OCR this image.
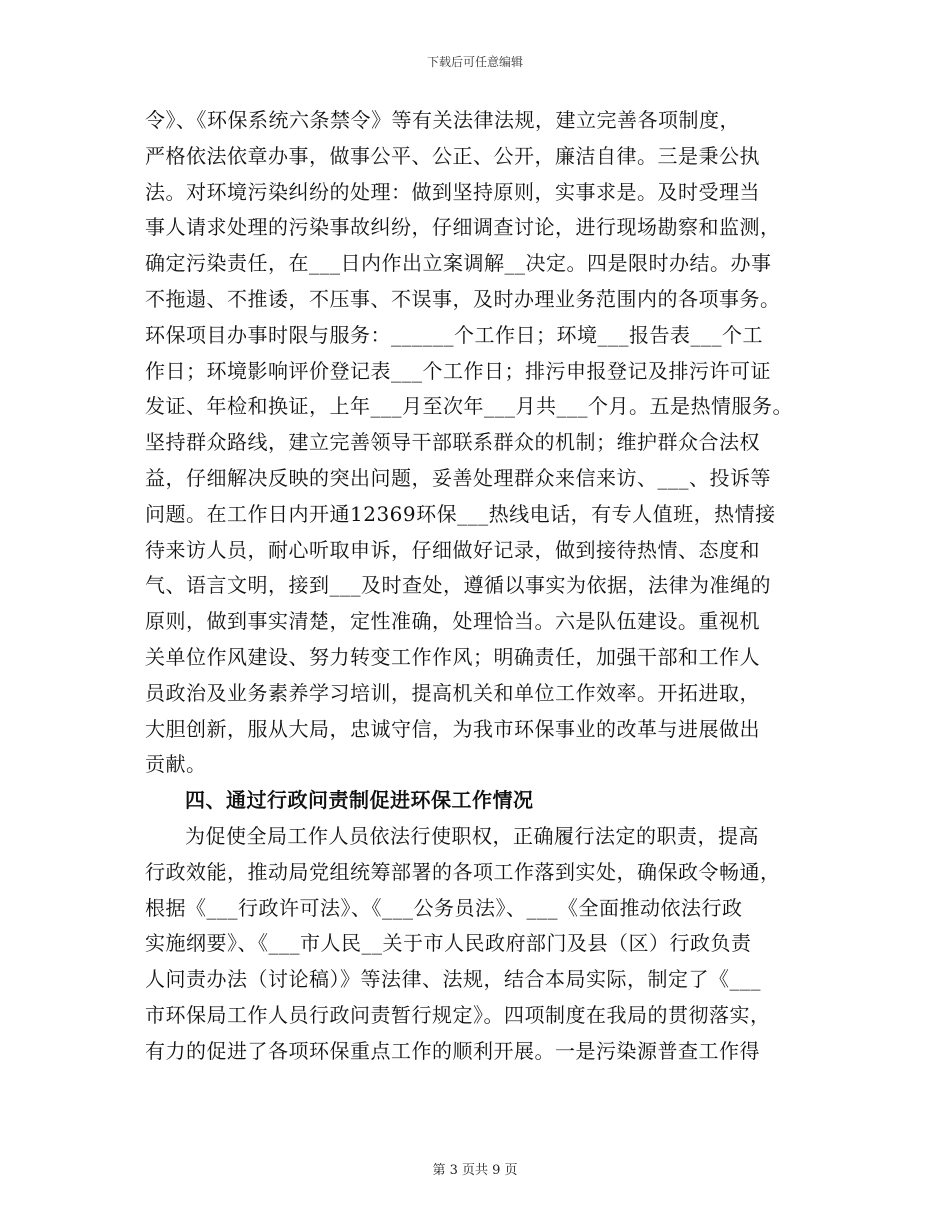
下载后可任意编辑
令》、《环保系统六条禁令》等有关法律法规，建立完善各项制度，
严格依法依章办事，做事公平、公正、公开，廉洁自律。三是秉公执
法。对环境污染纠纷的处理：做到坚持原则，实事求是。及时受理当
事人请求处理的污染事故纠纷，仔细调查讨论，进行现场勘察和监测，
确定污染责任，在___日内作出立案调解__决定。四是限时办结。办事
不拖遢、不推诿，不压事、不误事，及时办理业务范围内的各项事务。
环保项目办事时限与服务：______个工作日；环境___报告表___个工
作日；环境影响评价登记表___个工作日；排污申报登记及排污许可证
发证、年检和换证，上年___月至次年___月共___个月。五是热情服务。
坚持群众路线，建立完善领导干部联系群众的机制；维护群众合法权
益，仔细解决反映的突出问题，妥善处理群众来信来访、___、投诉等
问题。在工作日内开通12369环保___热线电话，有专人值班，热情接
待来访人员，耐心听取申诉，仔细做好记录，做到接待热情、态度和
气、语言文明，接到___及时查处，遵循以事实为依据，法律为准绳的
原则，做到事实清楚，定性准确，处理恰当。六是队伍建设。重视机
关单位作风建设、努力转变工作作风；明确责任，加强干部和工作人
员政治及业务素养学习培训，提高机关和单位工作效率。开拓进取，
大胆创新，服从大局，忠诚守信，为我市环保事业的改革与进展做出
贡献。
四、通过行政问责制促进环保工作情况
为促使全局工作人员依法行使职权，正确履行法定的职责，提高
行政效能，推动局党组统筹部署的各项工作落到实处，确保政令畅通，
根据《___行政许可法》、《___公务员法》、___《全面推动依法行政
实施纲要》、《___市人民__关于市人民政府部门及县（区）行政负责
人问责办法（讨论稿）》等法律、法规，结合本局实际，制定了《___
市环保局工作人员行政问责暂行规定》。四项制度在我局的贯彻落实，
有力的促进了各项环保重点工作的顺利开展。一是污染源普查工作得
第 3 页共 9 页
